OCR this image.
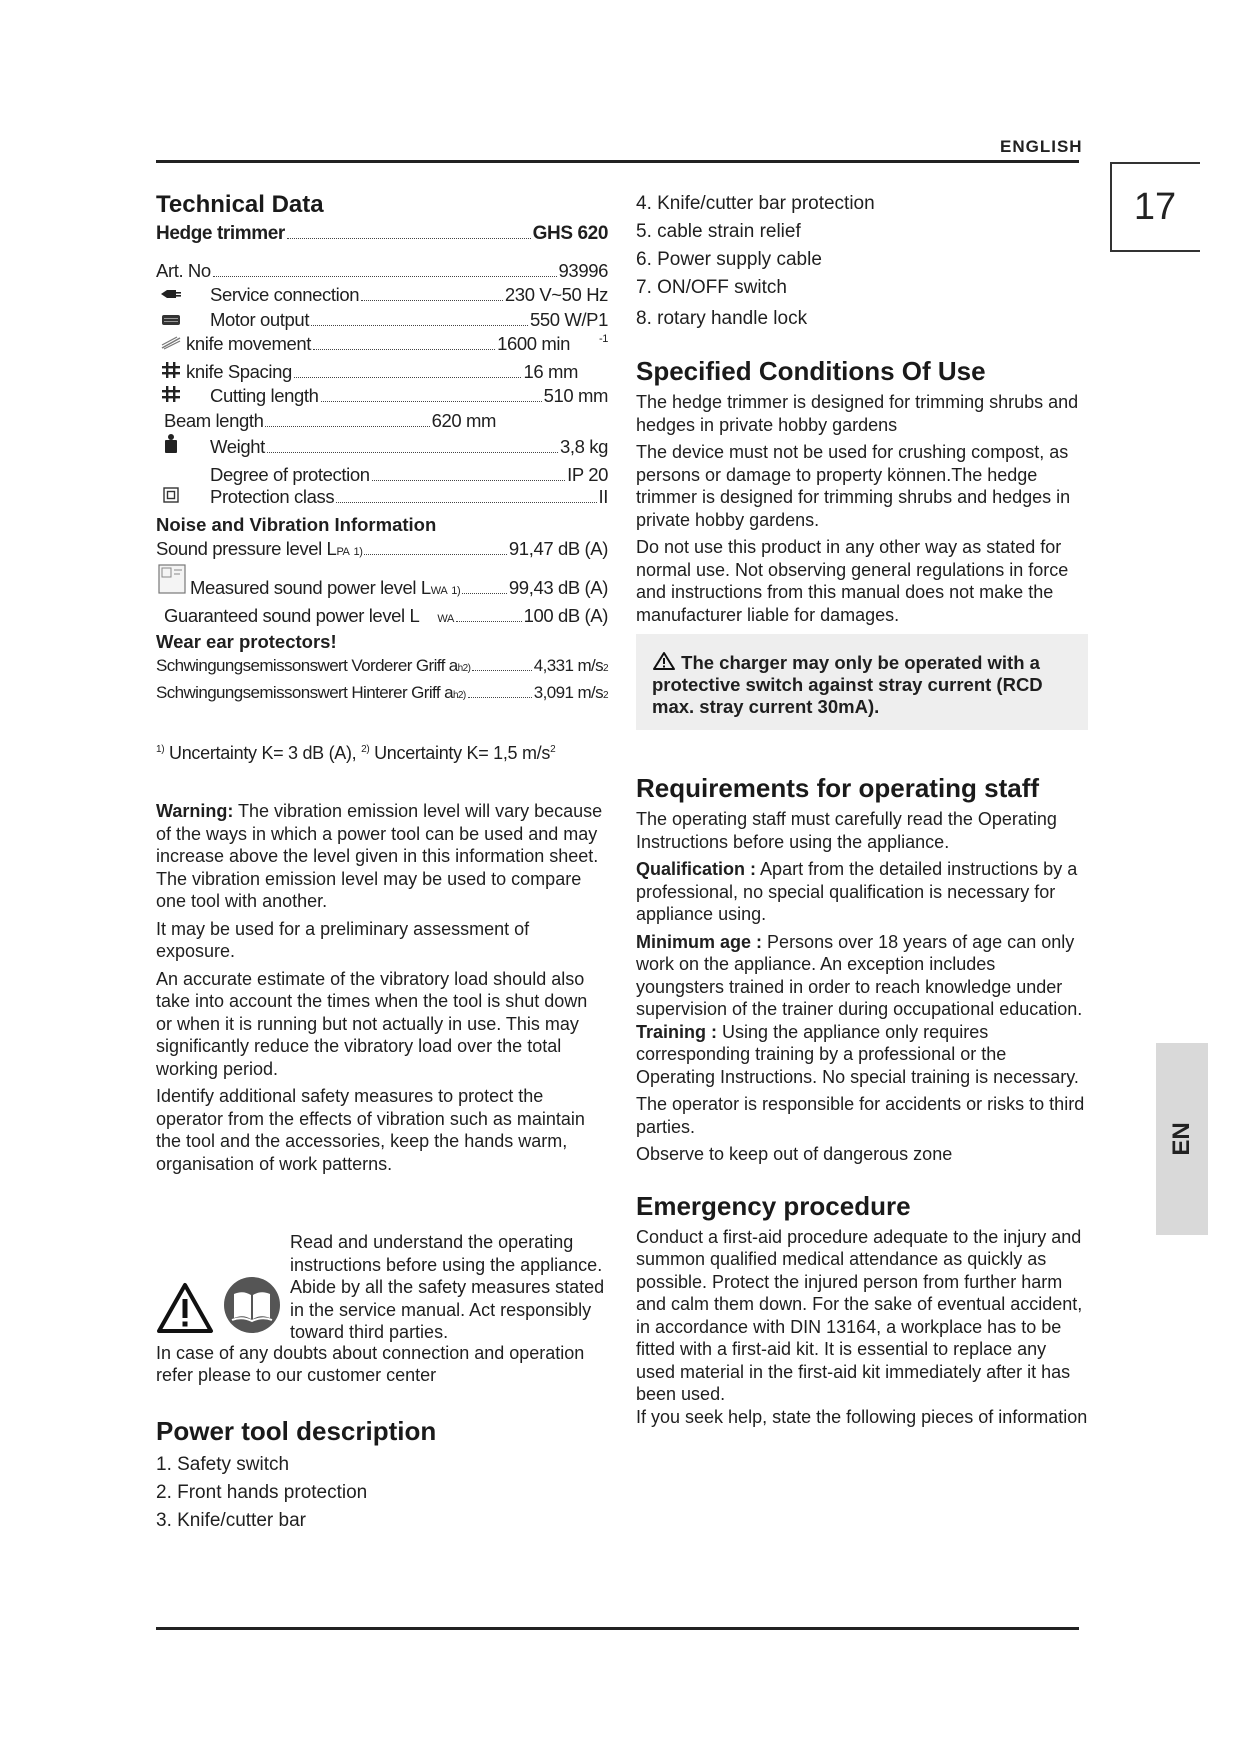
ENGLISH
17
EN
Technical Data
Hedge trimmer	GHS 620
Art. No	93996
Service connection	230 V~50 Hz
Motor output	550 W/P1
knife movement	1600 min	-1
knife Spacing	16 mm
Cutting length	510 mm
Beam length	620 mm
Weight	3,8 kg
Degree of protection	IP 20
Protection class	II
Noise and Vibration Information
Sound pressure level L PA 1)	91,47 dB (A)
Measured sound power level L WA 1)	99,43 dB (A)
Guaranteed sound power level L WA	100 dB (A)
Wear ear protectors!
Schwingungsemissonswert Vorderer Griff a h 2)	4,331 m/s 2
Schwingungsemissonswert Hinterer Griff a h 2)	3,091 m/s 2
$^{1)}$ Uncertainty K= 3 dB (A), $^{2)}$ Uncertainty K= 1,5 $m/s^2$

Warning: The vibration emission level will vary because of the ways in which a power tool can be used and may increase above the level given in this information sheet. The vibration emission level may be used to compare one tool with another.

It may be used for a preliminary assessment of exposure.

An accurate estimate of the vibratory load should also take into account the times when the tool is shut down or when it is running but not actually in use. This may significantly reduce the vibratory load over the total working period.

Identify additional safety measures to protect the operator from the effects of vibration such as maintain the tool and the accessories, keep the hands warm, organisation of work patterns.

Read and understand the operating instructions before using the appliance. Abide by all the safety measures stated in the service manual. Act responsibly toward third parties.

In case of any doubts about connection and operation refer please to our customer center

Power tool description
1. Safety switch
2. Front hands protection
3. Knife/cutter bar
4. Knife/cutter bar protection
5. cable strain relief
6. Power supply cable
7. ON/OFF switch
8. rotary handle lock
Specified Conditions Of Use

The hedge trimmer is designed for trimming shrubs and hedges in private hobby gardens

The device must not be used for crushing compost, as persons or damage to property können.The hedge trimmer is designed for trimming shrubs and hedges in private hobby gardens.

Do not use this product in any other way as stated for normal use. Not observing general regulations in force and instructions from this manual does not make the manufacturer liable for damages.

The charger may only be operated with a protective switch against stray current (RCD max. stray current 30mA).
Requirements for operating staff

The operating staff must carefully read the Operating Instructions before using the appliance.

Qualification : Apart from the detailed instructions by a professional, no special qualification is necessary for appliance using.

Minimum age : Persons over 18 years of age can only work on the appliance. An exception includes youngsters trained in order to reach knowledge under supervision of the trainer during occupational education.

Training : Using the appliance only requires corresponding training by a professional or the Operating Instructions. No special training is necessary.

The operator is responsible for accidents or risks to third parties.

Observe to keep out of dangerous zone

Emergency procedure

Conduct a first-aid procedure adequate to the injury and summon qualified medical attendance as quickly as possible. Protect the injured person from further harm and calm them down. For the sake of eventual accident, in accordance with DIN 13164, a workplace has to be fitted with a first-aid kit. It is essential to replace any used material in the first-aid kit immediately after it has been used.

If you seek help, state the following pieces of information
